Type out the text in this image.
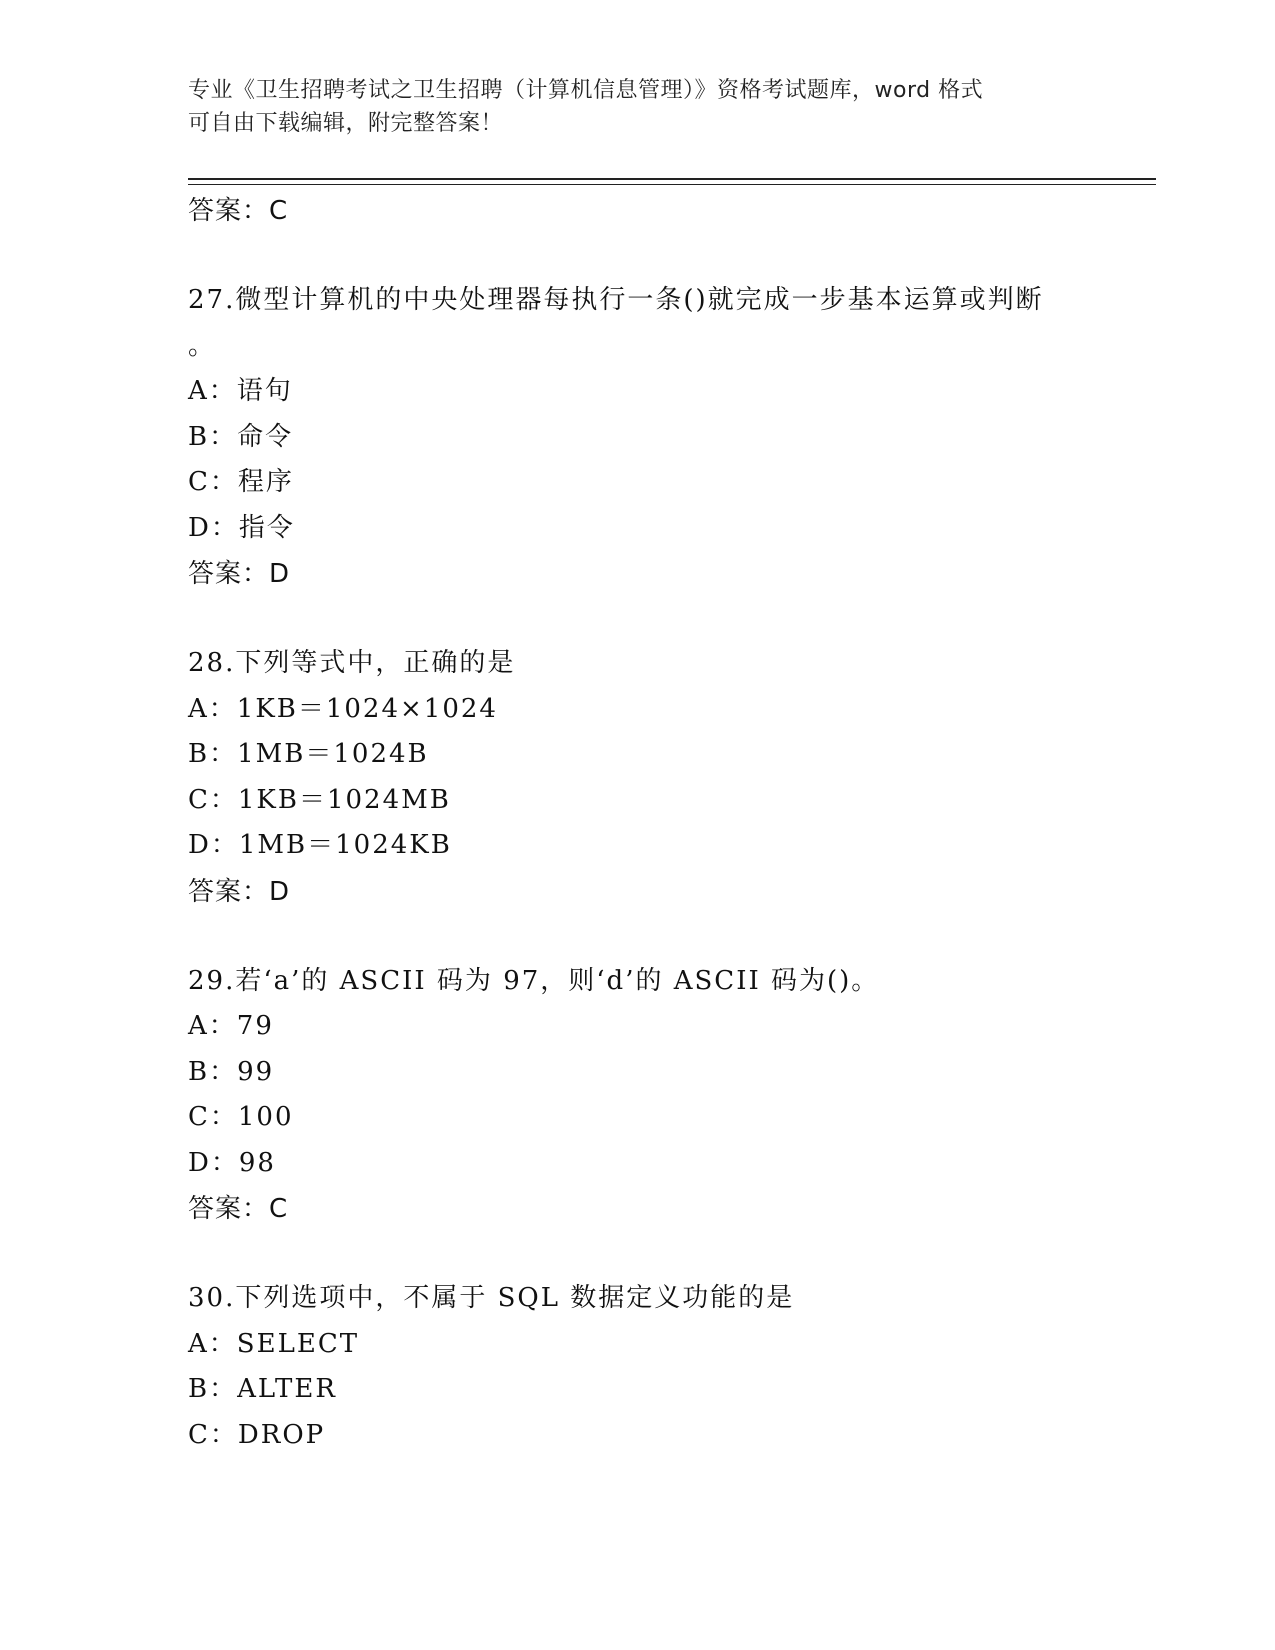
专业《卫生招聘考试之卫生招聘（计算机信息管理）》资格考试题库，word 格式
可自由下载编辑，附完整答案！
答案：C
27.微型计算机的中央处理器每执行一条()就完成一步基本运算或判断
。
A：语句
B：命令
C：程序
D：指令
答案：D
28.下列等式中，正确的是
A：1KB＝1024×1024
B：1MB＝1024B
C：1KB＝1024MB
D：1MB＝1024KB
答案：D
29.若‘a’的 ASCII 码为 97，则‘d’的 ASCII 码为()。
A：79
B：99
C：100
D：98
答案：C
30.下列选项中，不属于 SQL 数据定义功能的是
A：SELECT
B：ALTER
C：DROP
